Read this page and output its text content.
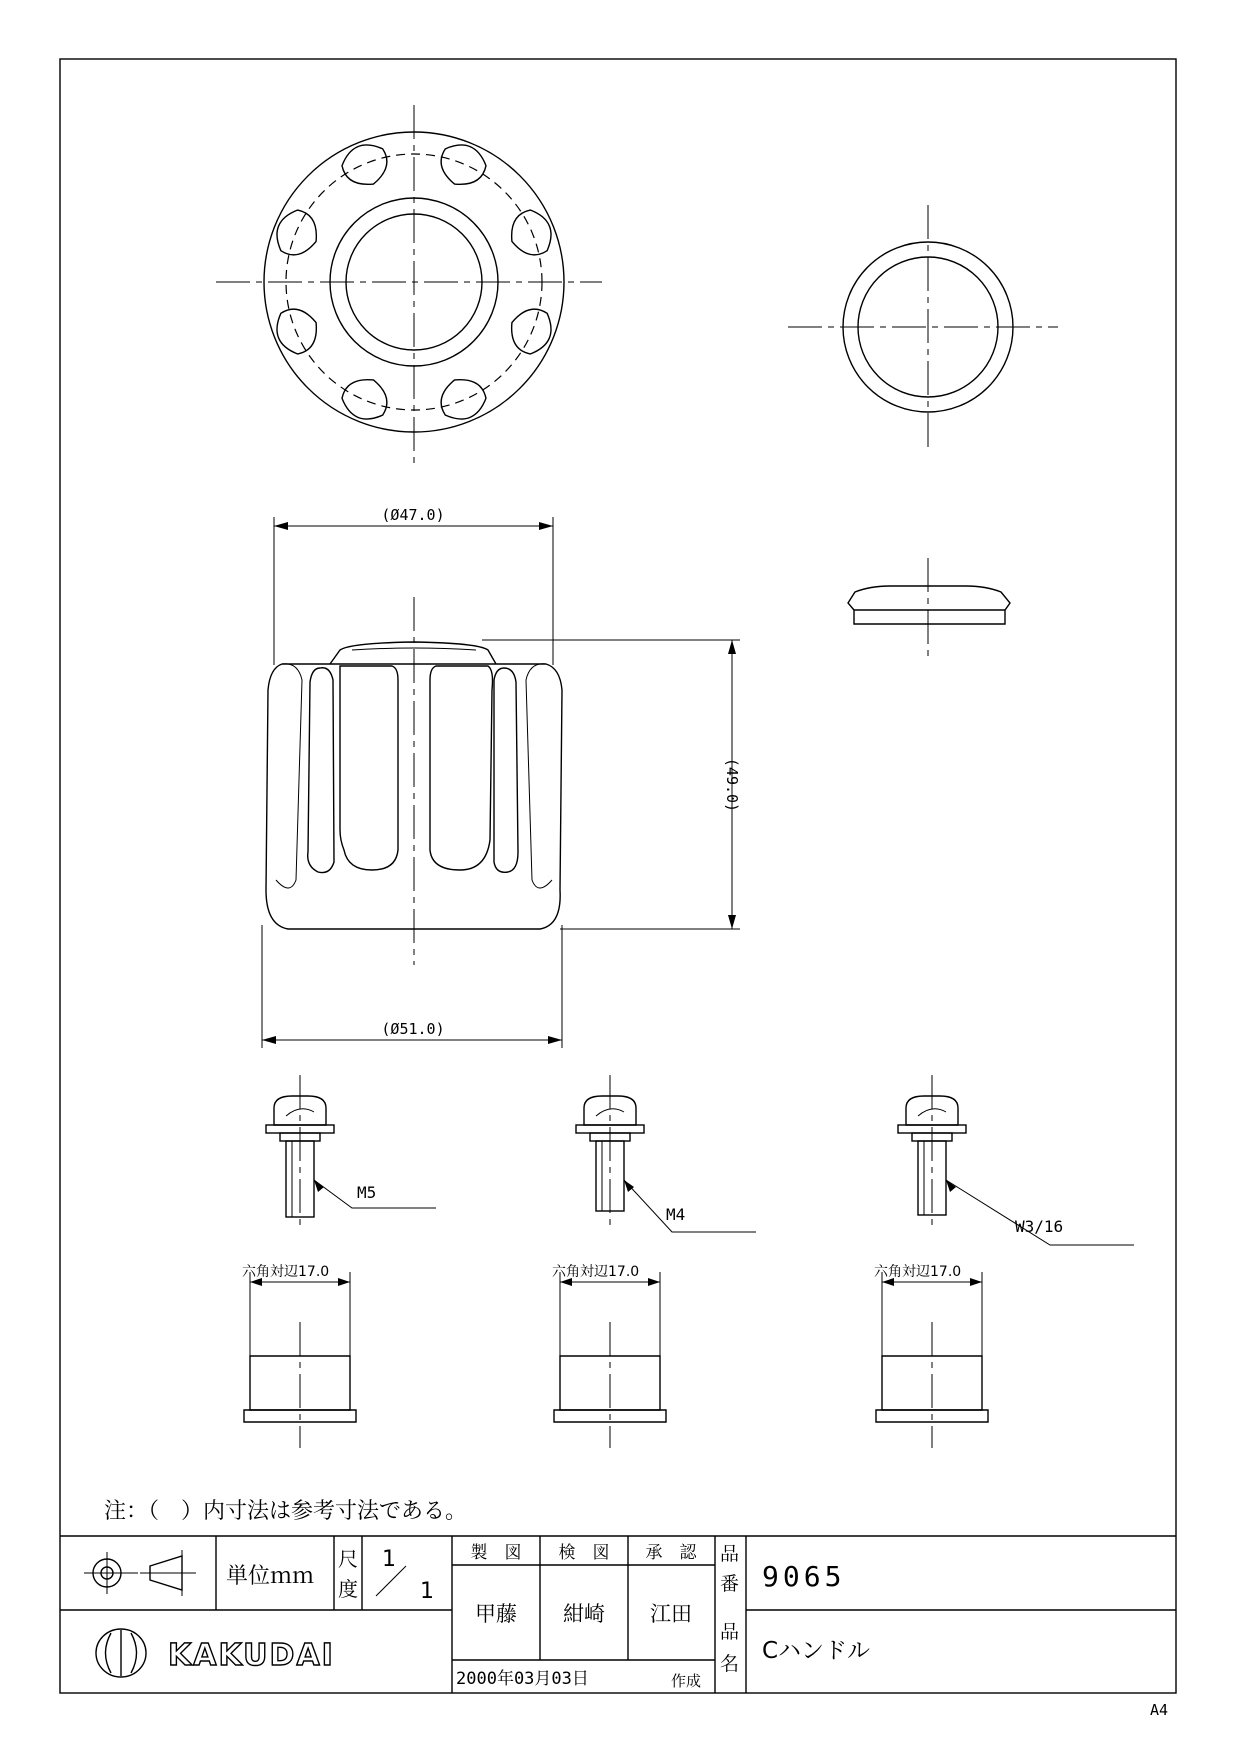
(Ø47.0)
(49.0)
(Ø51.0)
M5
M4
W3/16
六角対辺17.0	六角対辺17.0	六角対辺17.0
注：（　）内寸法は参考寸法である。
単位ｍｍ
尺
度
1
1
製　図 検　図 承　認
甲藤 紺崎 江田
2000年03月03日	作成
品
番 9065
品
名 Cハンドル
KAKUDAI
A4
